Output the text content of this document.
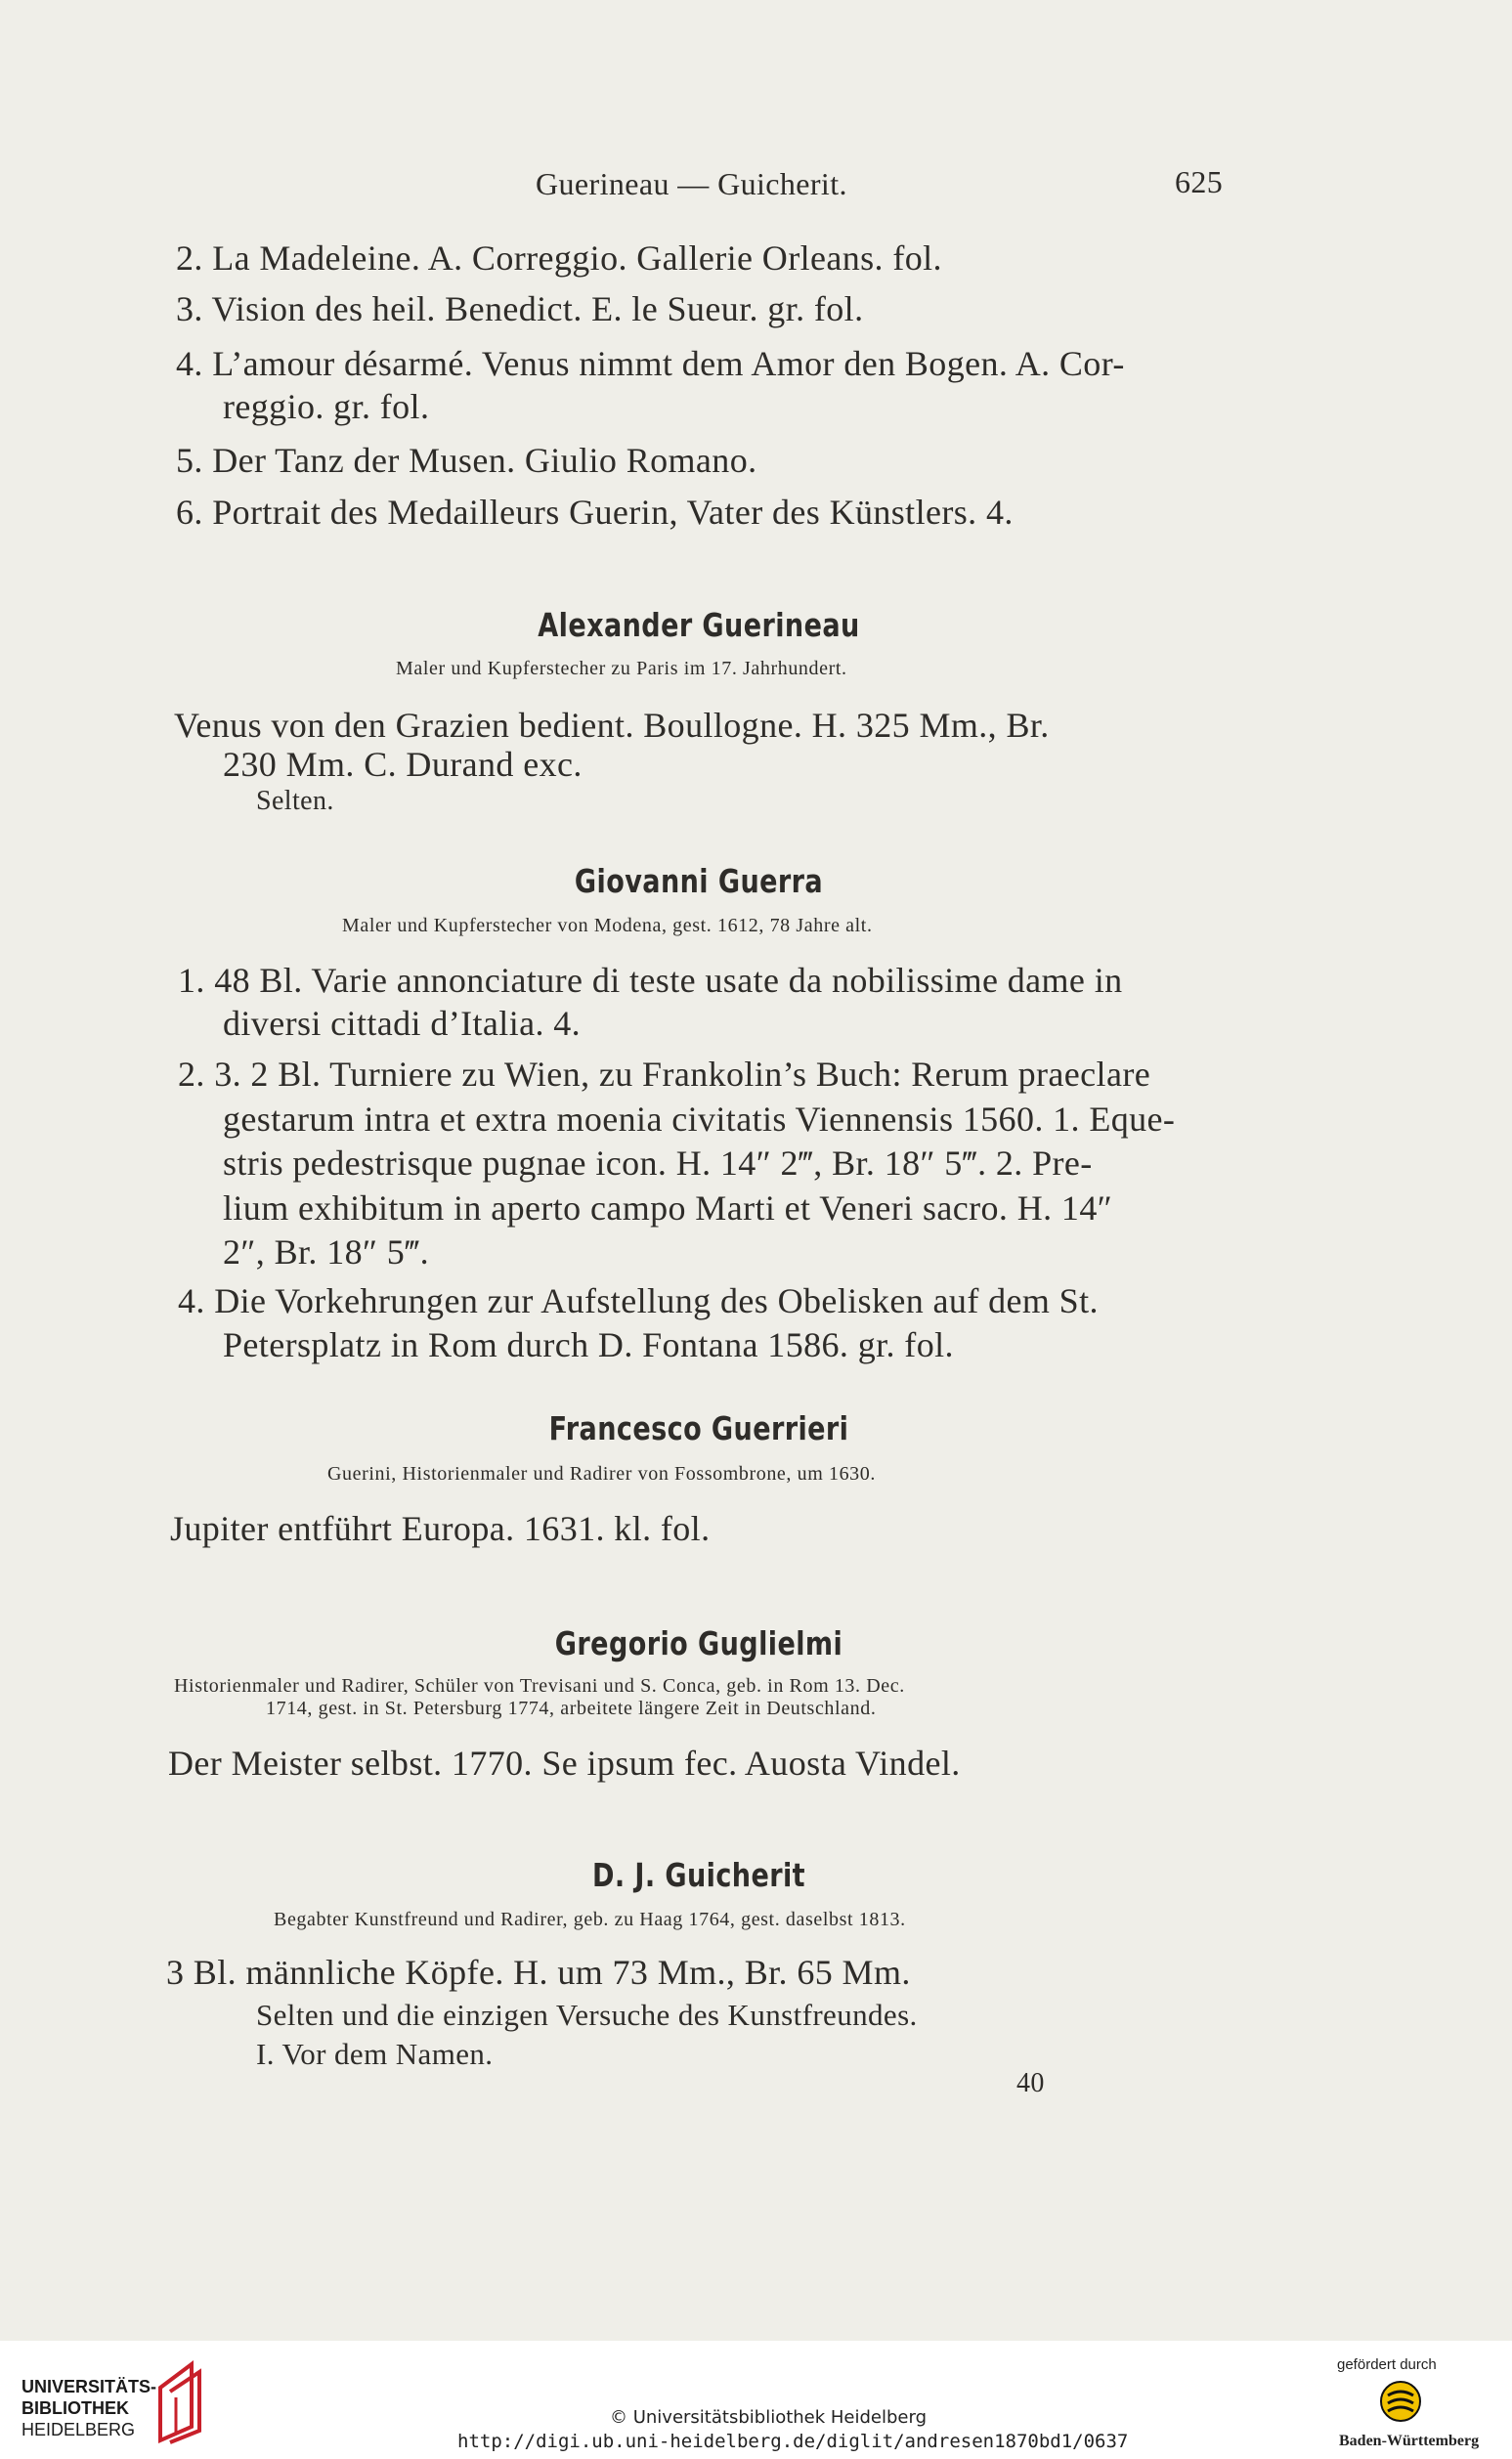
Guerineau — Guicherit.	625
2. La Madeleine. A. Correggio. Gallerie Orleans. fol.
3. Vision des heil. Benedict. E. le Sueur. gr. fol.
4. L’amour désarmé. Venus nimmt dem Amor den Bogen. A. Cor-
reggio. gr. fol.
5. Der Tanz der Musen. Giulio Romano.
6. Portrait des Medailleurs Guerin, Vater des Künstlers. 4.
Alexander Guerineau
Maler und Kupferstecher zu Paris im 17. Jahrhundert.
Venus von den Grazien bedient. Boullogne. H. 325 Mm., Br.
230 Mm. C. Durand exc.
Selten.
Giovanni Guerra
Maler und Kupferstecher von Modena, gest. 1612, 78 Jahre alt.
1. 48 Bl. Varie annonciature di teste usate da nobilissime dame in
diversi cittadi d’Italia. 4.
2. 3. 2 Bl. Turniere zu Wien, zu Frankolin’s Buch: Rerum praeclare
gestarum intra et extra moenia civitatis Viennensis 1560. 1. Eque-
stris pedestrisque pugnae icon. H. 14″ 2‴, Br. 18″ 5‴. 2. Pre-
lium exhibitum in aperto campo Marti et Veneri sacro. H. 14″
2″, Br. 18″ 5‴.
4. Die Vorkehrungen zur Aufstellung des Obelisken auf dem St.
Petersplatz in Rom durch D. Fontana 1586. gr. fol.
Francesco Guerrieri
Guerini, Historienmaler und Radirer von Fossombrone, um 1630.
Jupiter entführt Europa. 1631. kl. fol.
Gregorio Guglielmi
Historienmaler und Radirer, Schüler von Trevisani und S. Conca, geb. in Rom 13. Dec.
1714, gest. in St. Petersburg 1774, arbeitete längere Zeit in Deutschland.
Der Meister selbst. 1770. Se ipsum fec. Auosta Vindel.
D. J. Guicherit
Begabter Kunstfreund und Radirer, geb. zu Haag 1764, gest. daselbst 1813.
3 Bl. männliche Köpfe. H. um 73 Mm., Br. 65 Mm.
Selten und die einzigen Versuche des Kunstfreundes.
I. Vor dem Namen.
40
UNIVERSITÄTS-
BIBLIOTHEK
HEIDELBERG
© Universitätsbibliothek Heidelberg
http://digi.ub.uni-heidelberg.de/diglit/andresen1870bd1/0637
gefördert durch
Baden-Württemberg
